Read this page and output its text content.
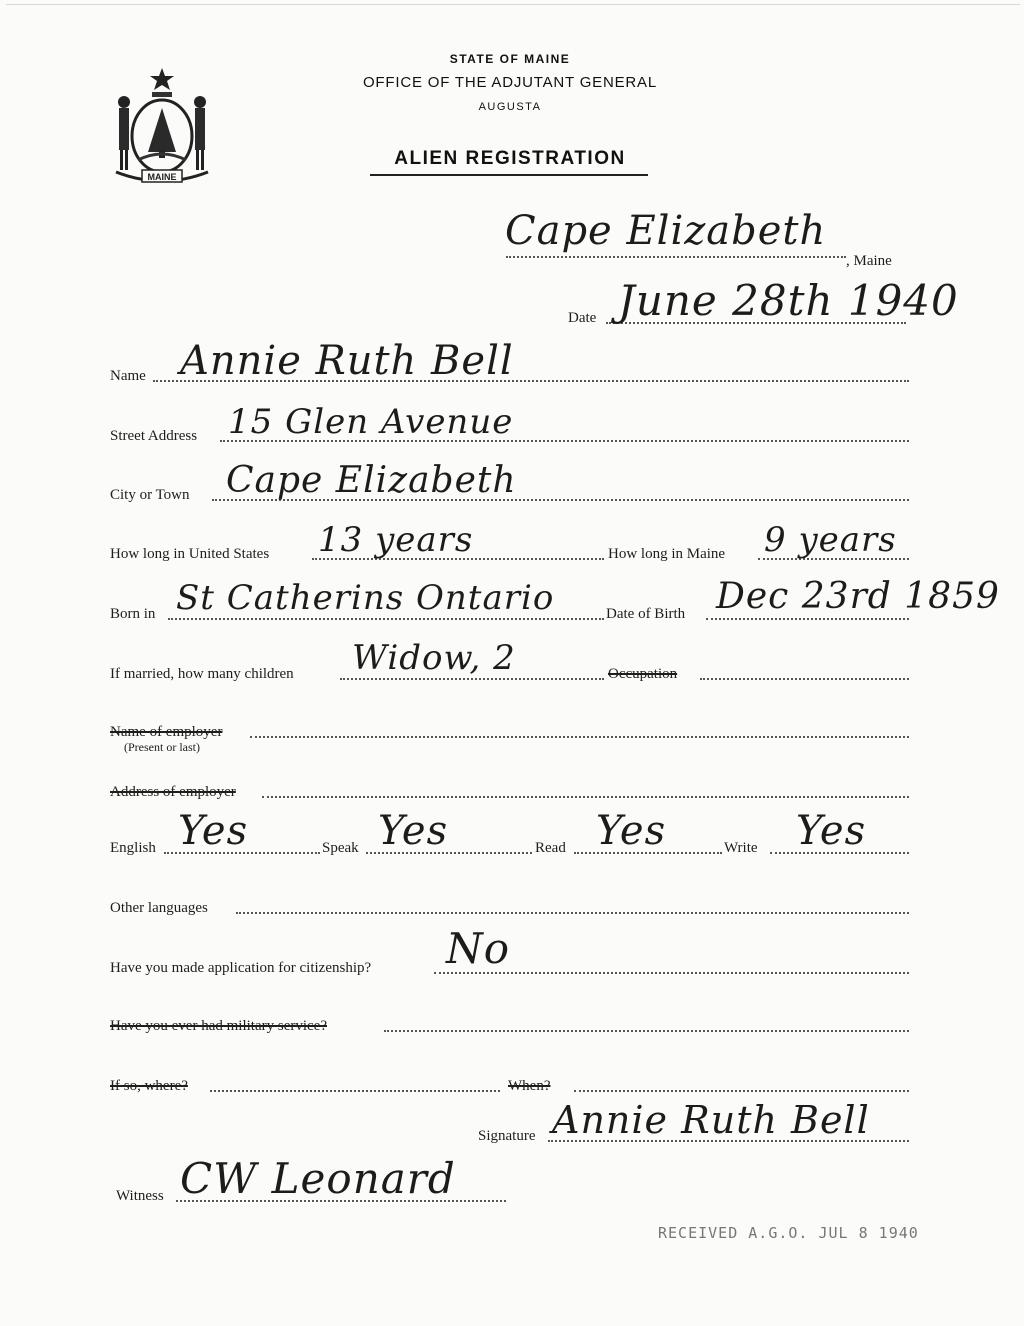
MAINE
STATE OF MAINE
OFFICE OF THE ADJUTANT GENERAL
AUGUSTA
ALIEN REGISTRATION
Cape Elizabeth
, Maine
Date June 28th 1940
Name Annie Ruth Bell
Street Address 15 Glen Avenue
City or Town Cape Elizabeth
How long in United States 13 years	How long in Maine 9 years
Born in St Catherins Ontario	Date of Birth Dec 23rd 1859
If married, how many children Widow, 2	Occupation
Name of employer
(Present or last)
Address of employer
English Yes	Speak Yes	Read Yes	Write Yes
Other languages
Have you made application for citizenship? No
Have you ever had military service?
If so, where?	When?
Signature Annie Ruth Bell
Witness CW Leonard
RECEIVED A.G.O. JUL 8 1940
